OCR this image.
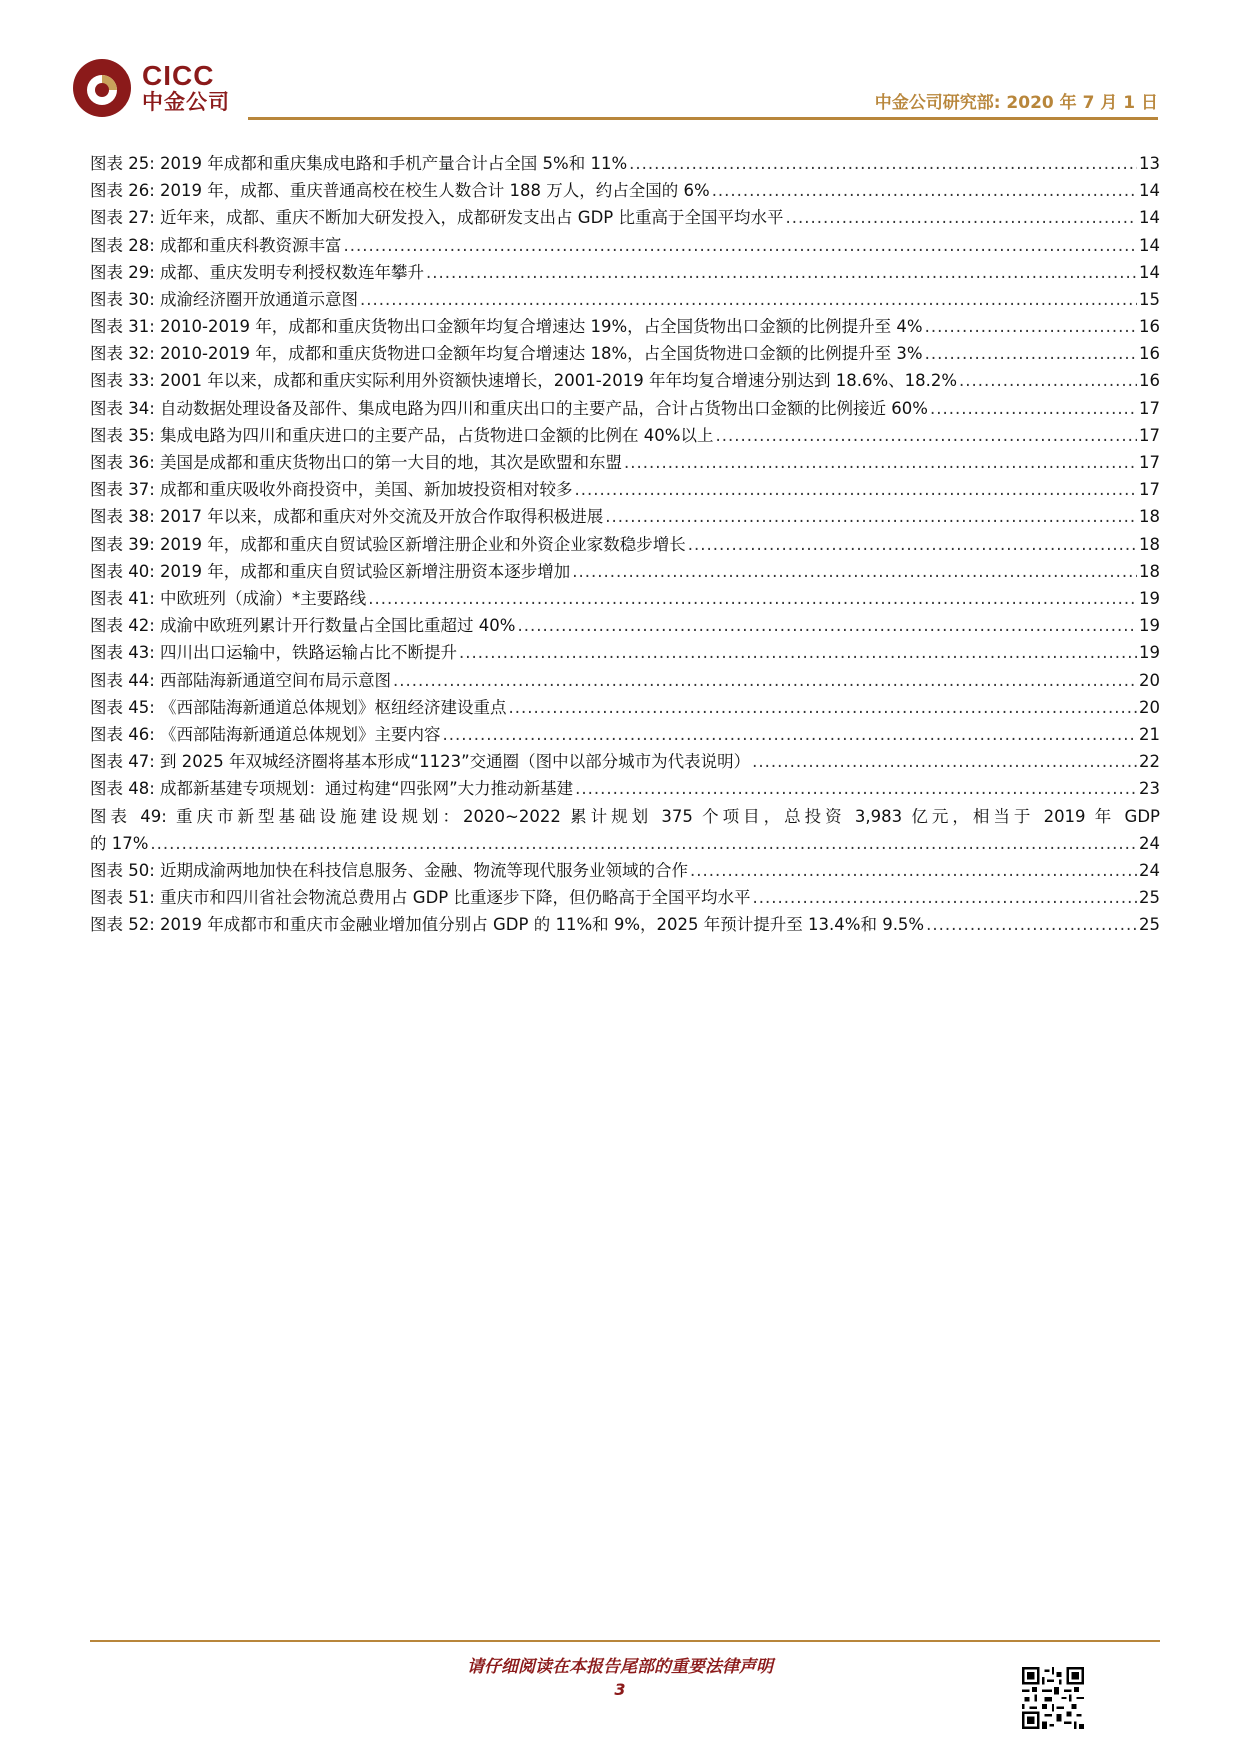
CICC
中金公司	中金公司研究部: 2020 年 7 月 1 日
图表 25: 2019 年成都和重庆集成电路和手机产量合计占全国 5%和 11% .....	13
图表 26: 2019 年，成都、重庆普通高校在校生人数合计 188 万人，约占全国的 6% .....	14
图表 27: 近年来，成都、重庆不断加大研发投入，成都研发支出占 GDP 比重高于全国平均水平 .....	14
图表 28: 成都和重庆科教资源丰富 .....	14
图表 29: 成都、重庆发明专利授权数连年攀升 .....	14
图表 30: 成渝经济圈开放通道示意图 .....	15
图表 31: 2010-2019 年，成都和重庆货物出口金额年均复合增速达 19%，占全国货物出口金额的比例提升至 4% .....	16
图表 32: 2010-2019 年，成都和重庆货物进口金额年均复合增速达 18%，占全国货物进口金额的比例提升至 3% .....	16
图表 33: 2001 年以来，成都和重庆实际利用外资额快速增长，2001-2019 年年均复合增速分别达到 18.6%、18.2% .....	16
图表 34: 自动数据处理设备及部件、集成电路为四川和重庆出口的主要产品，合计占货物出口金额的比例接近 60% .....	17
图表 35: 集成电路为四川和重庆进口的主要产品，占货物进口金额的比例在 40%以上 .....	17
图表 36: 美国是成都和重庆货物出口的第一大目的地，其次是欧盟和东盟 .....	17
图表 37: 成都和重庆吸收外商投资中，美国、新加坡投资相对较多 .....	17
图表 38: 2017 年以来，成都和重庆对外交流及开放合作取得积极进展 .....	18
图表 39: 2019 年，成都和重庆自贸试验区新增注册企业和外资企业家数稳步增长 .....	18
图表 40: 2019 年，成都和重庆自贸试验区新增注册资本逐步增加 .....	18
图表 41: 中欧班列（成渝）*主要路线 .....	19
图表 42: 成渝中欧班列累计开行数量占全国比重超过 40% .....	19
图表 43: 四川出口运输中，铁路运输占比不断提升 .....	19
图表 44: 西部陆海新通道空间布局示意图 .....	20
图表 45: 《西部陆海新通道总体规划》枢纽经济建设重点 .....	20
图表 46: 《西部陆海新通道总体规划》主要内容 .....	21
图表 47: 到 2025 年双城经济圈将基本形成“1123”交通圈（图中以部分城市为代表说明） .....	22
图表 48: 成都新基建专项规划：通过构建“四张网”大力推动新基建 .....	23
图表 49: 重庆市新型基础设施建设规划：2020~2022 累计规划 375 个项目，总投资 3,983 亿元，相当于 2019 年 GDP
的 17% .....	24
图表 50: 近期成渝两地加快在科技信息服务、金融、物流等现代服务业领域的合作 .....	24
图表 51: 重庆市和四川省社会物流总费用占 GDP 比重逐步下降，但仍略高于全国平均水平 .....	25
图表 52: 2019 年成都市和重庆市金融业增加值分别占 GDP 的 11%和 9%，2025 年预计提升至 13.4%和 9.5% .....	25
请仔细阅读在本报告尾部的重要法律声明
3
